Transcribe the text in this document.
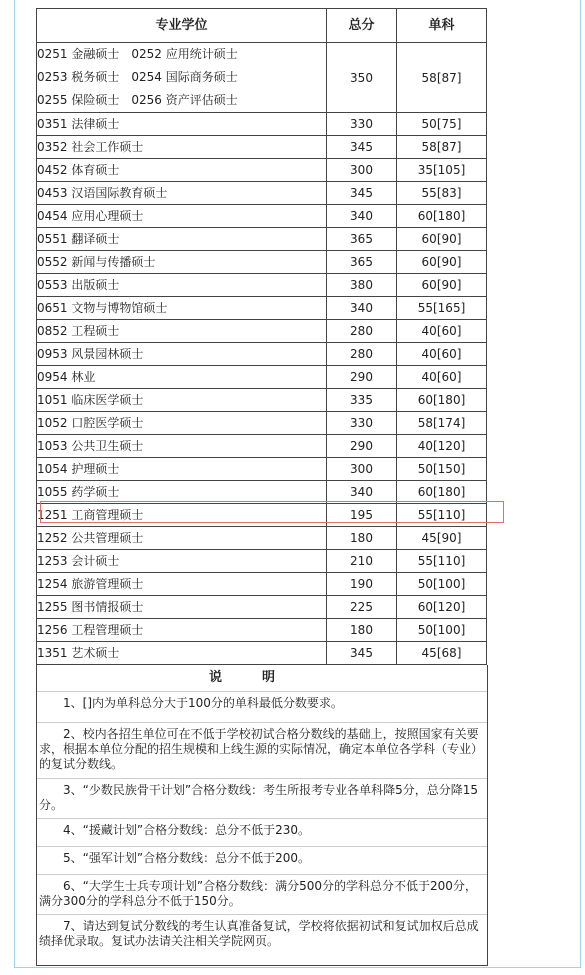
专业学位	总分	单科

0251 金融硕士　0252 应用统计硕士
0253 税务硕士　0254 国际商务硕士
0255 保险硕士　0256 资产评估硕士	350	58[87]
0351 法律硕士	330	50[75]
0352 社会工作硕士	345	58[87]
0452 体育硕士	300	35[105]
0453 汉语国际教育硕士	345	55[83]
0454 应用心理硕士	340	60[180]
0551 翻译硕士	365	60[90]
0552 新闻与传播硕士	365	60[90]
0553 出版硕士	380	60[90]
0651 文物与博物馆硕士	340	55[165]
0852 工程硕士	280	40[60]
0953 风景园林硕士	280	40[60]
0954 林业	290	40[60]
1051 临床医学硕士	335	60[180]
1052 口腔医学硕士	330	58[174]
1053 公共卫生硕士	290	40[120]
1054 护理硕士	300	50[150]
1055 药学硕士	340	60[180]
1251 工商管理硕士	195	55[110]
1252 公共管理硕士	180	45[90]
1253 会计硕士	210	55[110]
1254 旅游管理硕士	190	50[100]
1255 图书情报硕士	225	60[120]
1256 工程管理硕士	180	50[100]
1351 艺术硕士	345	45[68]
说明
1、[]内为单科总分大于100分的单科最低分数要求。
2、校内各招生单位可在不低于学校初试合格分数线的基础上，按照国家有关要求，根据本单位分配的招生规模和上线生源的实际情况，确定本单位各学科（专业）的复试分数线。
3、“少数民族骨干计划”合格分数线：考生所报考专业各单科降5分，总分降15分。
4、“援藏计划”合格分数线：总分不低于230。
5、“强军计划”合格分数线：总分不低于200。
6、“大学生士兵专项计划”合格分数线：满分500分的学科总分不低于200分，满分300分的学科总分不低于150分。
7、请达到复试分数线的考生认真准备复试，学校将依据初试和复试加权后总成绩择优录取。复试办法请关注相关学院网页。
